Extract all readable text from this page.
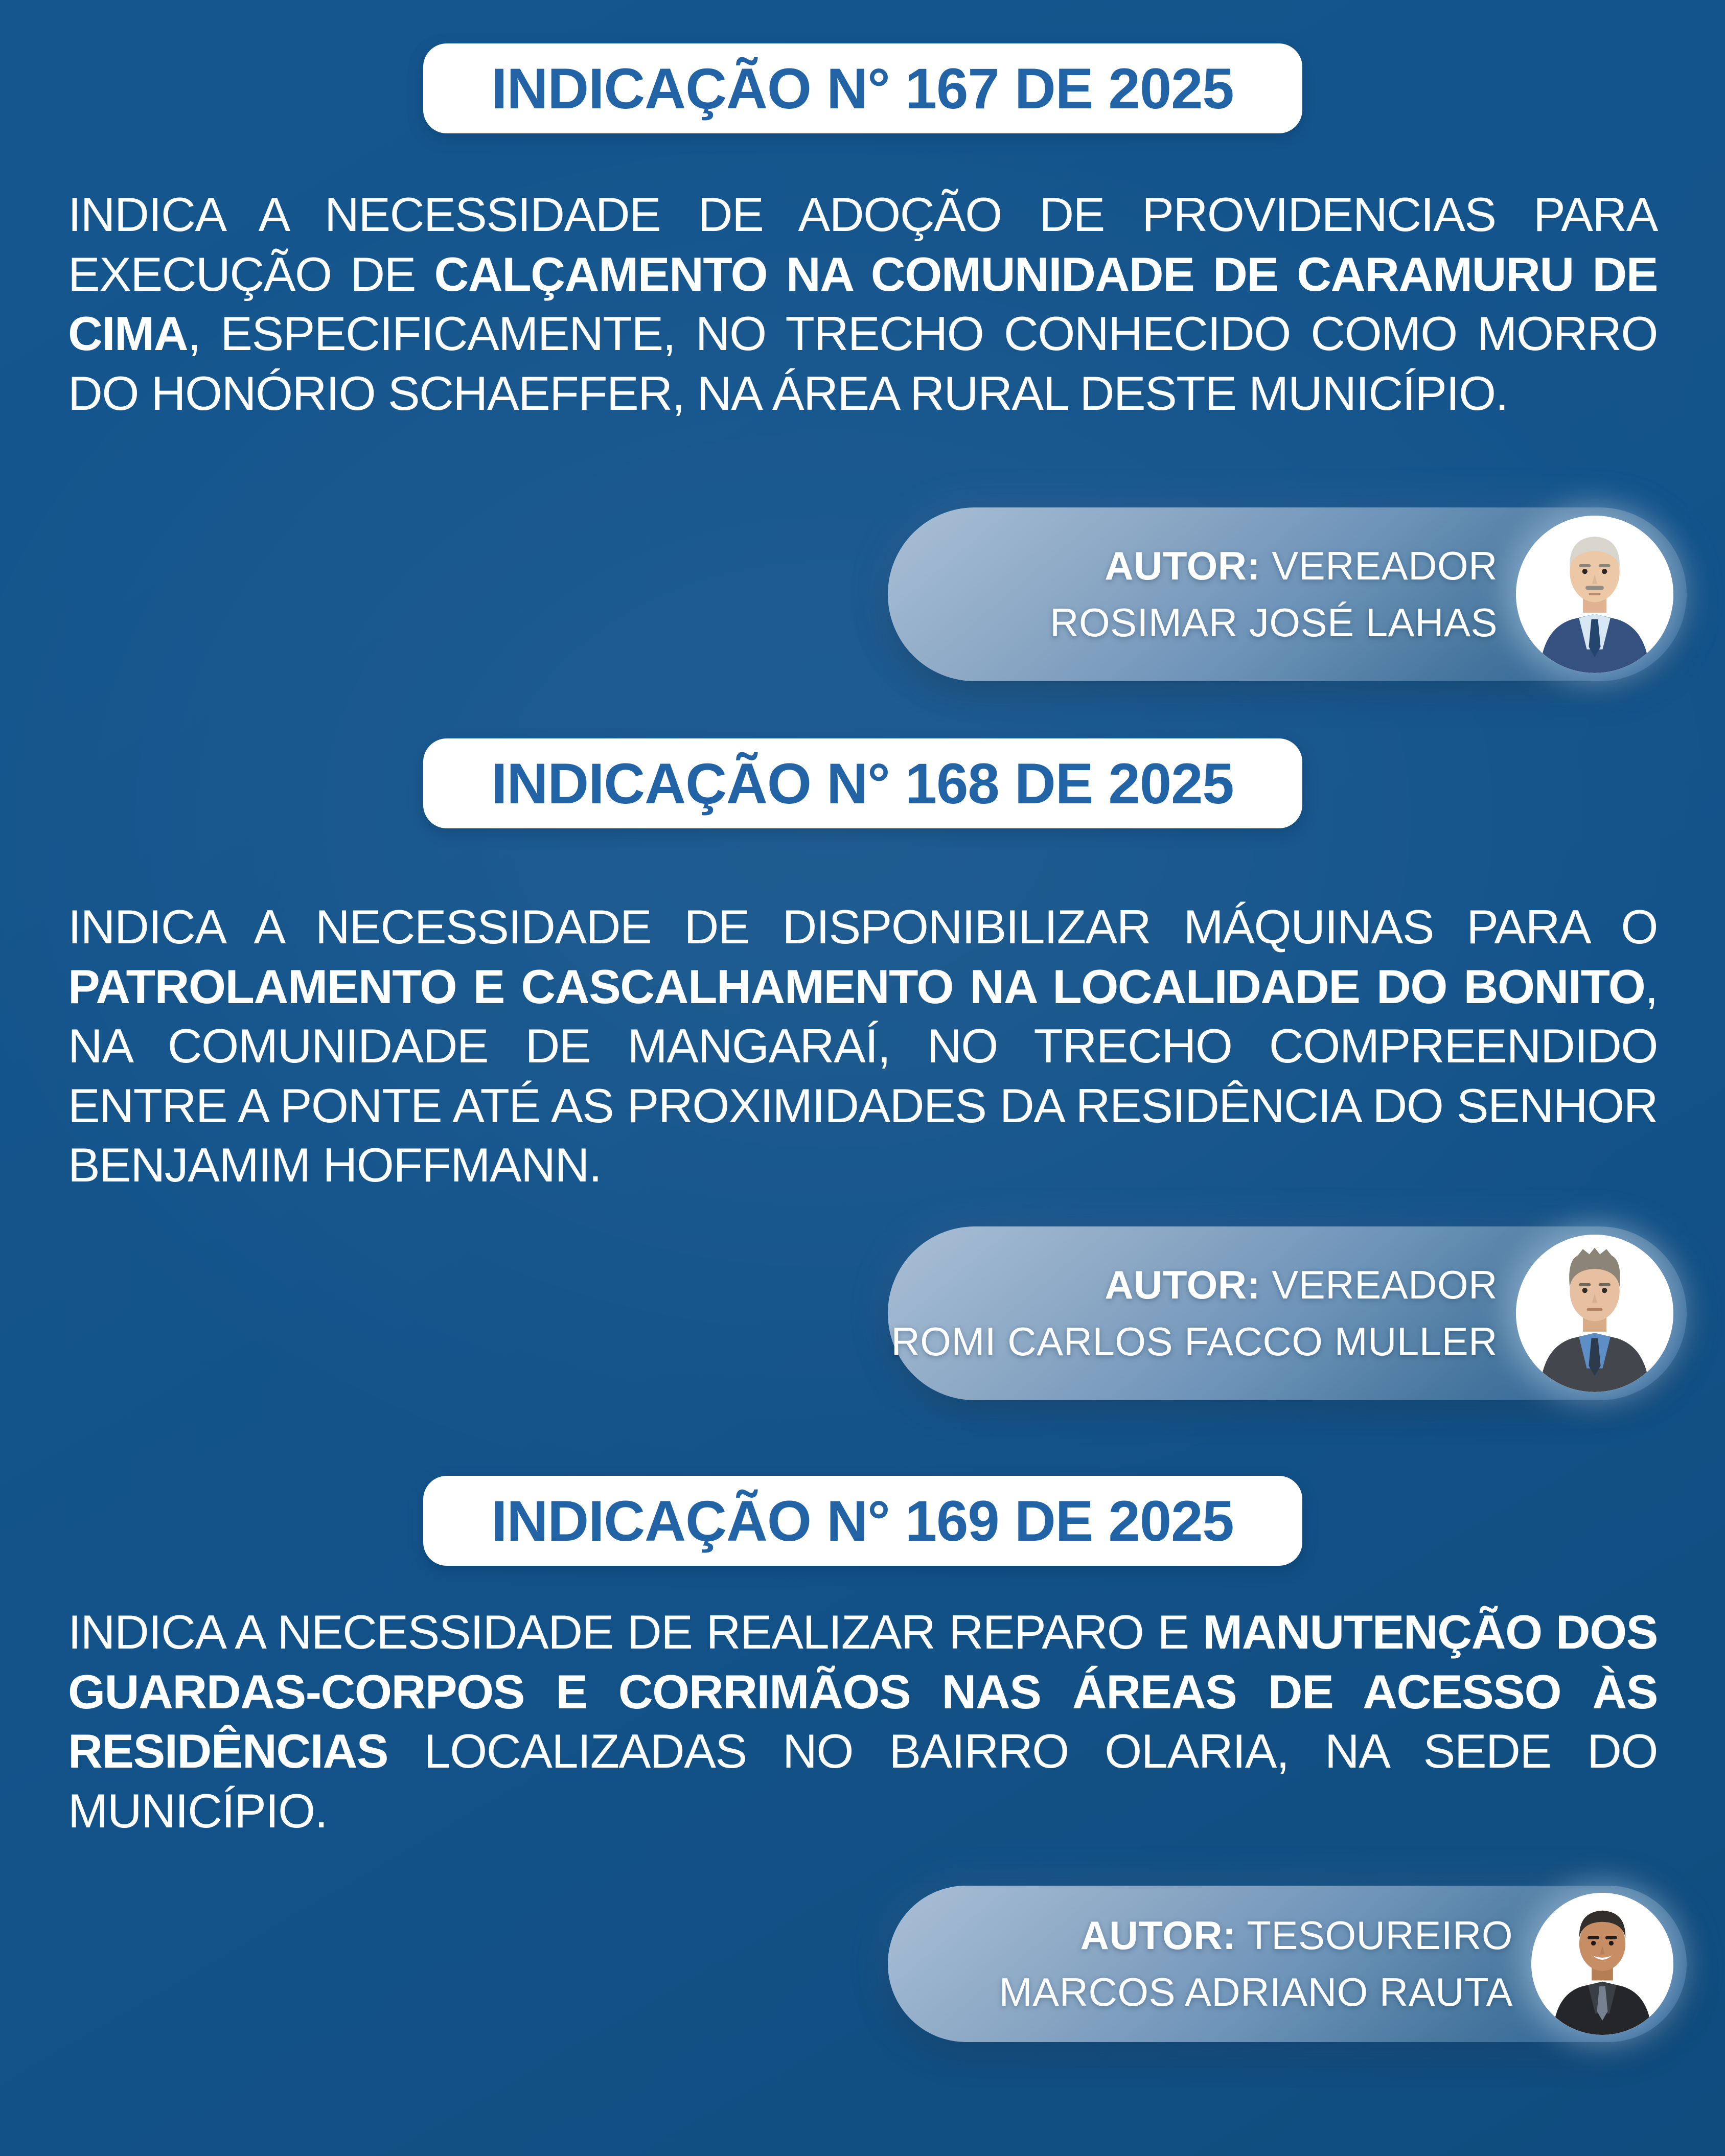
INDICAÇÃO N° 167 DE 2025

INDICA A NECESSIDADE DE ADOÇÃO DE PROVIDENCIAS PARA EXECUÇÃO DE CALÇAMENTO NA COMUNIDADE DE CARAMURU DE CIMA, ESPECIFICAMENTE, NO TRECHO CONHECIDO COMO MORRO DO HONÓRIO SCHAEFFER, NA ÁREA RURAL DESTE MUNICÍPIO.

AUTOR: VEREADOR
ROSIMAR JOSÉ LAHAS
INDICAÇÃO N° 168 DE 2025

INDICA A NECESSIDADE DE DISPONIBILIZAR MÁQUINAS PARA O PATROLAMENTO E CASCALHAMENTO NA LOCALIDADE DO BONITO, NA COMUNIDADE DE MANGARAÍ, NO TRECHO COMPREENDIDO ENTRE A PONTE ATÉ AS PROXIMIDADES DA RESIDÊNCIA DO SENHOR BENJAMIM HOFFMANN.

AUTOR: VEREADOR
ROMI CARLOS FACCO MULLER
INDICAÇÃO N° 169 DE 2025

INDICA A NECESSIDADE DE REALIZAR REPARO E MANUTENÇÃO DOS GUARDAS-CORPOS E CORRIMÃOS NAS ÁREAS DE ACESSO ÀS RESIDÊNCIAS LOCALIZADAS NO BAIRRO OLARIA, NA SEDE DO MUNICÍPIO.

AUTOR: TESOUREIRO
MARCOS ADRIANO RAUTA
